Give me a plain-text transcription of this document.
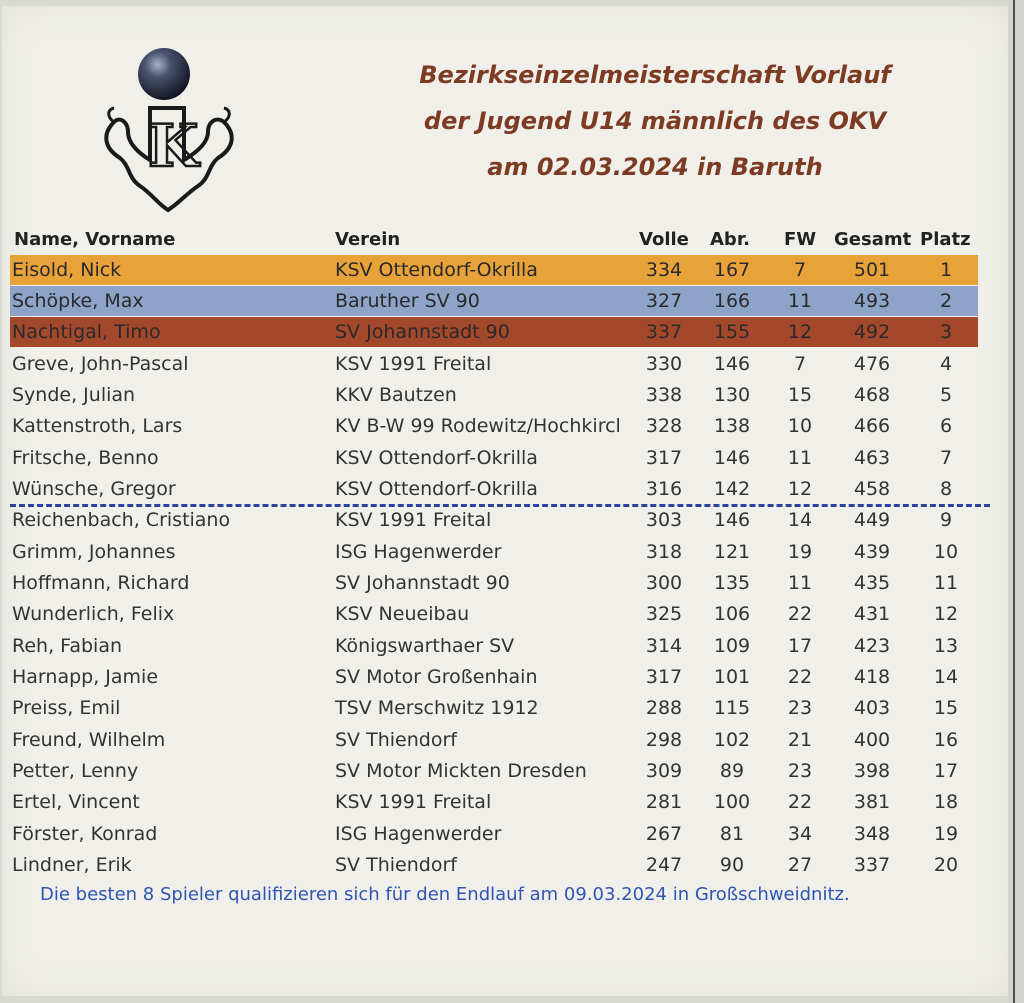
K
Bezirkseinzelmeisterschaft Vorlauf
der Jugend U14 männlich des OKV
am 02.03.2024 in Baruth
Name, Vorname	Verein	Volle Abr. FW Gesamt Platz
Eisold, Nick	KSV Ottendorf-Okrilla	334	167	7	501	1
Schöpke, Max	Baruther SV 90	327	166	11	493	2
Nachtigal, Timo	SV Johannstadt 90	337	155	12	492	3
Greve, John-Pascal	KSV 1991 Freital	330	146	7	476	4
Synde, Julian	KKV Bautzen	338	130	15	468	5
Kattenstroth, Lars	KV B-W 99 Rodewitz/Hochkircl	328	138	10	466	6
Fritsche, Benno	KSV Ottendorf-Okrilla	317	146	11	463	7
Wünsche, Gregor	KSV Ottendorf-Okrilla	316	142	12	458	8
Reichenbach, Cristiano	KSV 1991 Freital	303	146	14	449	9
Grimm, Johannes	ISG Hagenwerder	318	121	19	439	10
Hoffmann, Richard	SV Johannstadt 90	300	135	11	435	11
Wunderlich, Felix	KSV Neueibau	325	106	22	431	12
Reh, Fabian	Königswarthaer SV	314	109	17	423	13
Harnapp, Jamie	SV Motor Großenhain	317	101	22	418	14
Preiss, Emil	TSV Merschwitz 1912	288	115	23	403	15
Freund, Wilhelm	SV Thiendorf	298	102	21	400	16
Petter, Lenny	SV Motor Mickten Dresden	309	89	23	398	17
Ertel, Vincent	KSV 1991 Freital	281	100	22	381	18
Förster, Konrad	ISG Hagenwerder	267	81	34	348	19
Lindner, Erik	SV Thiendorf	247	90	27	337	20
Die besten 8 Spieler qualifizieren sich für den Endlauf am 09.03.2024 in Großschweidnitz.
